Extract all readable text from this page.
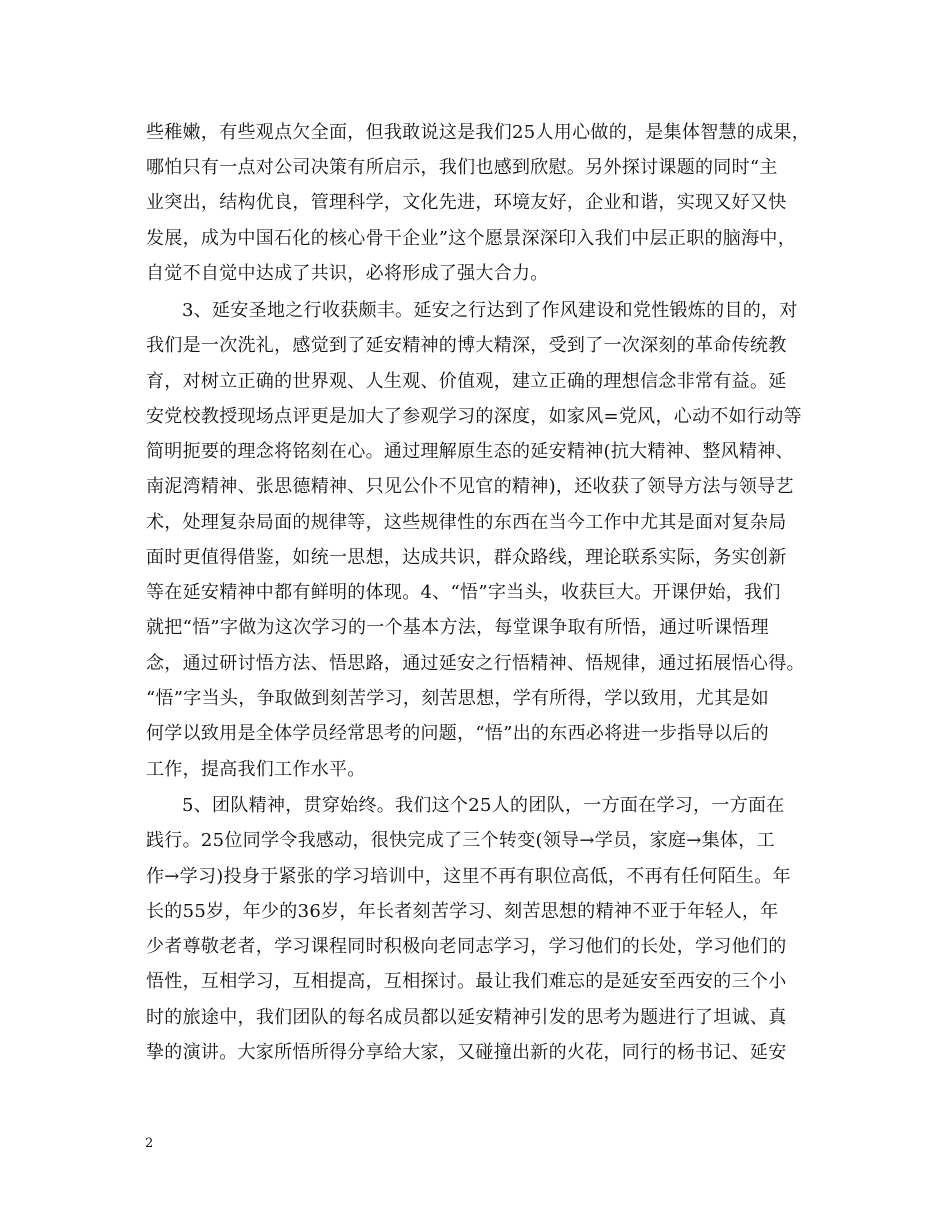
些稚嫩，有些观点欠全面，但我敢说这是我们25人用心做的，是集体智慧的成果，
哪怕只有一点对公司决策有所启示，我们也感到欣慰。另外探讨课题的同时“主
业突出，结构优良，管理科学，文化先进，环境友好，企业和谐，实现又好又快
发展，成为中国石化的核心骨干企业”这个愿景深深印入我们中层正职的脑海中，
自觉不自觉中达成了共识，必将形成了强大合力。
3、延安圣地之行收获颇丰。延安之行达到了作风建设和党性锻炼的目的，对
我们是一次洗礼，感觉到了延安精神的博大精深，受到了一次深刻的革命传统教
育，对树立正确的世界观、人生观、价值观，建立正确的理想信念非常有益。延
安党校教授现场点评更是加大了参观学习的深度，如家风=党风，心动不如行动等
简明扼要的理念将铭刻在心。通过理解原生态的延安精神(抗大精神、整风精神、
南泥湾精神、张思德精神、只见公仆不见官的精神)，还收获了领导方法与领导艺
术，处理复杂局面的规律等，这些规律性的东西在当今工作中尤其是面对复杂局
面时更值得借鉴，如统一思想，达成共识，群众路线，理论联系实际，务实创新
等在延安精神中都有鲜明的体现。4、“悟”字当头，收获巨大。开课伊始，我们
就把“悟”字做为这次学习的一个基本方法，每堂课争取有所悟，通过听课悟理
念，通过研讨悟方法、悟思路，通过延安之行悟精神、悟规律，通过拓展悟心得。
“悟”字当头，争取做到刻苦学习，刻苦思想，学有所得，学以致用，尤其是如
何学以致用是全体学员经常思考的问题，“悟”出的东西必将进一步指导以后的
工作，提高我们工作水平。
5、团队精神，贯穿始终。我们这个25人的团队，一方面在学习，一方面在
践行。25位同学令我感动，很快完成了三个转变(领导→学员，家庭→集体，工
作→学习)投身于紧张的学习培训中，这里不再有职位高低，不再有任何陌生。年
长的55岁，年少的36岁，年长者刻苦学习、刻苦思想的精神不亚于年轻人，年
少者尊敬老者，学习课程同时积极向老同志学习，学习他们的长处，学习他们的
悟性，互相学习，互相提高，互相探讨。最让我们难忘的是延安至西安的三个小
时的旅途中，我们团队的每名成员都以延安精神引发的思考为题进行了坦诚、真
挚的演讲。大家所悟所得分享给大家，又碰撞出新的火花，同行的杨书记、延安
2
